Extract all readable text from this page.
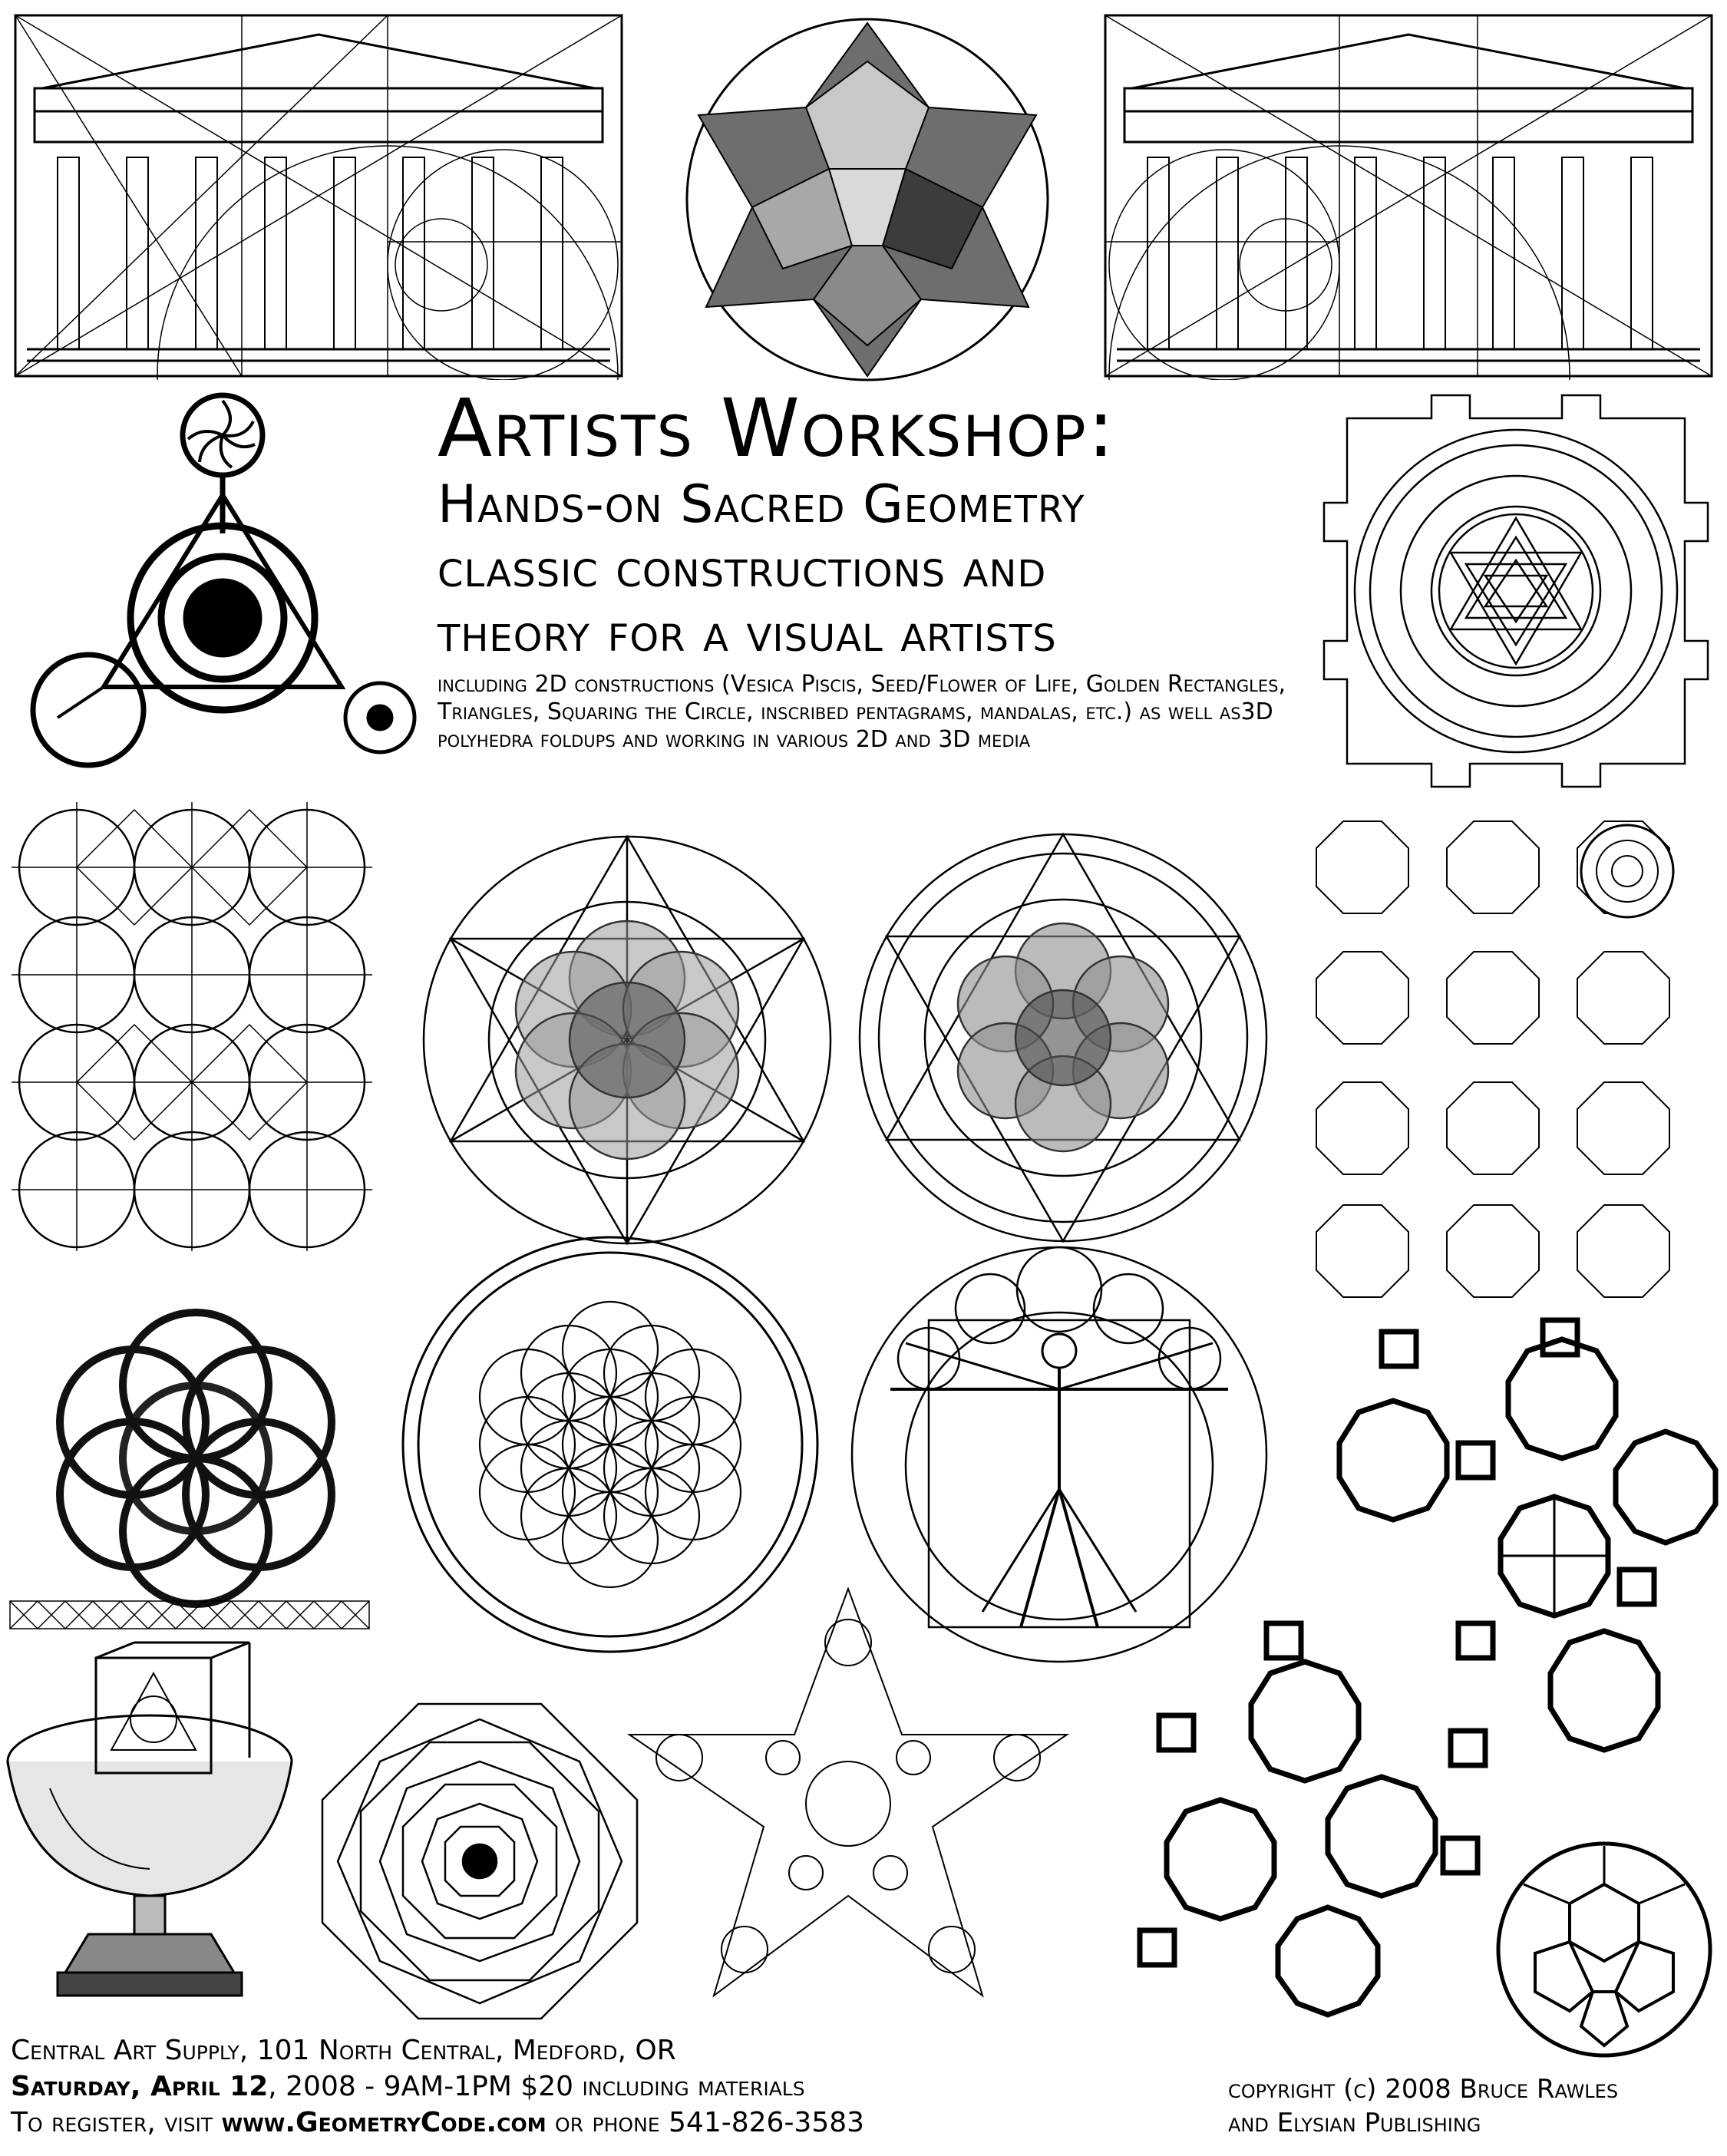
Artists Workshop:
Hands-on Sacred Geometry
classic constructions and
theory for a visual artists
including 2D constructions (Vesica Piscis, Seed/Flower of Life, Golden Rectangles, Triangles, Squaring the Circle, inscribed pentagrams, mandalas, etc.) as well as3D polyhedra foldups and working in various 2D and 3D media
Central Art Supply, 101 North Central, Medford, OR
Saturday, April 12, 2008 - 9AM-1PM $20 including materials
To register, visit www.GeometryCode.com or phone 541-826-3583
copyright (c) 2008 Bruce Rawles
and Elysian Publishing
